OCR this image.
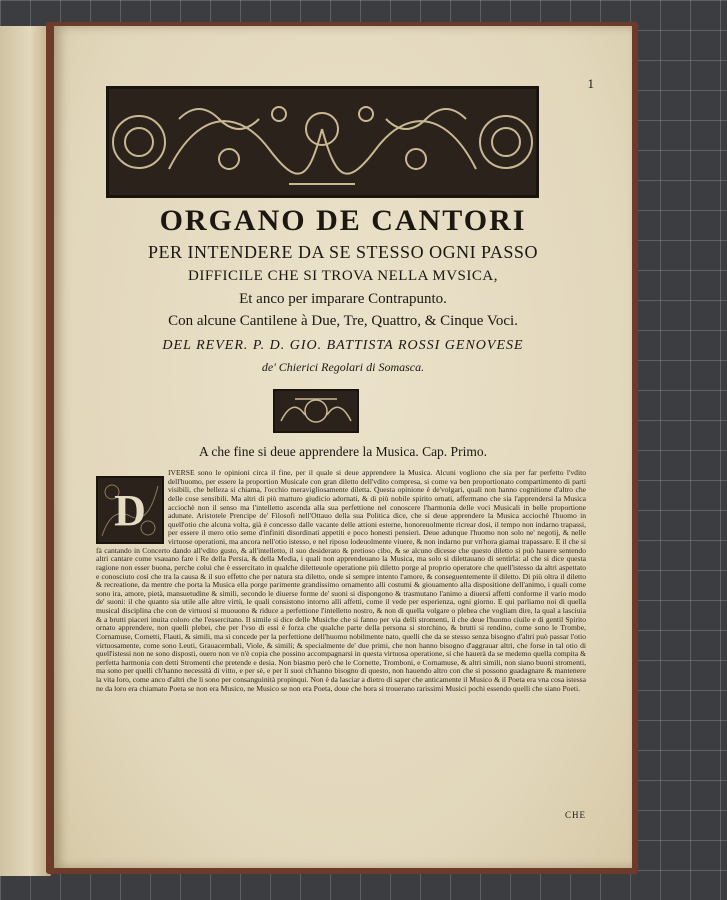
1
ORGANO DE CANTORI
PER INTENDERE DA SE STESSO OGNI PASSO
DIFFICILE CHE SI TROVA NELLA MVSICA,
Et anco per imparare Contrapunto.
Con alcune Cantilene à Due, Tre, Quattro, & Cinque Voci.
DEL REVER. P. D. GIO. BATTISTA ROSSI GENOVESE
de' Chierici Regolari di Somasca.
A che fine si deue apprendere la Musica. Cap. Primo.
IVERSE sono le opinioni circa il fine, per il quale si deue apprendere la Musica. Alcuni vogliono che sia per far perfetto l'vdito dell'huomo, per essere la proportion Musicale con gran diletto dell'vdito compresa, si come va ben proportionato compartimento di parti visibili, che belleza si chiama, l'occhio meravigliosamente diletta. Questa opinione è de'volgari, quali non hanno cognitione d'altro che delle cose sensibili. Ma altri di più matturo giudicio adornati, & di più nobile spirito ornati, affermano che sia l'apprendersi la Musica acciochè non il senso ma l'intelletto ascenda alla sua perfettione nel conoscere l'harmonia delle voci Musicali in belle proportione adunate. Aristotele Prencipe de' Filosofi nell'Ottauo della sua Politica dice, che si deue apprendere la Musica acciochè l'huomo in quell'otio che alcuna volta, già è concesso dalle vacante delle attioni esterne, honoreuolmente ricrear dosi, il tempo non indarno trapassi, per essere il mero otio seme d'infiniti disordinati appetiti e poco honesti pensieri. Deue adunque l'huomo non solo ne' negotij, & nelle virtuose operationi, ma ancora nell'otio istesso, e nel riposo lodeuolmente viuere, & non indarno pur vn'hora giamai trapassare. E il che si fà cantando in Concerto dando all'vdito gusto, & all'intelletto, il suo desiderato & pretioso cibo, & se alcuno dicesse che questo diletto si può hauere sentendo altri cantare come vsauano fare i Re della Persia, & della Media, i quali non apprendeuano la Musica, ma solo si dilettauano di sentirla: al che si dice questa ragione non esser buona, perche colui che è essercitato in qualche diletteuole operatione più diletto porge al proprio operatore che quell'istesso da altri aspettato e conosciuto così che tra la causa & il suo effetto che per natura sta diletto, onde sì sempre intento l'amore, & conseguentemente il diletto. Di più oltra il diletto & recreatione, da mentre che porta la Musica ella porge parimente grandissimo ornamento alli costumi & giouamento alla dispositione dell'animo, i quali come sono ira, amore, pietà, mansuetudine & simili, secondo le diuerse forme de' suoni si dispongono & trasmutano l'animo a diuersi affetti conforme il vario modo de' suoni: il che quanto sia utile alle altre virtù, le quali consistono intorno alli affetti, come il vede per esperienza, ogni giorno. E qui parliamo noi di quella musical disciplina che con de virtuosi si muouono & riduce a perfettione l'intelletto nostro, & non di quella volgare o plebea che vogliam dire, la qual a lasciuia & a brutti piaceri inuita coloro che l'essercitano. Il simile si dice delle Musiche che si fanno per via delli stromenti, il che deue l'huomo ciuile e di gentil Spirito ornato apprendere, non quelli plebei, che per l'vso di essi è forza che qualche parte della persona si storchino, & brutti si rendino, come sono le Trombe, Cornamuse, Cornetti, Flauti, & simili, ma si concede per la perfettione dell'huomo nobilmente nato, quelli che da se stesso senza bisogno d'altri può passar l'otio virtuosamente, come sono Leuti, Grauacembali, Viole, & simili; & specialmente de' due primi, che non hanno bisogno d'aggrauar altri, che forse in tal otio di quell'istessi non ne sono disposti, ouero non ve n'è copia che possino accompagnarsi in questa virtuosa operatione, si che hauerà da se medemo quella compita & perfetta harmonia con detti Stromenti che pretende e desia. Non biasmo però che le Cornette, Tromboni, e Cornamuse, & altri simili, non siano buoni stromenti, ma sono per quelli ch'hanno necessità di vitto, e per sè, e per li suoi ch'hanno bisogno di questo, non hauendo altro con che si possono guadagnare & mantenere la vita loro, come anco d'altri che li sono per consanguinità propinqui. Non è da lasciar a dietro di saper che anticamente il Musico & il Poeta era vna cosa istessa ne da loro era chiamato Poeta se non era Musico, ne Musico se non era Poeta, doue che hora si trouerano rarissimi Musici pochi essendo quelli che siano Poeti.
D
CHE
